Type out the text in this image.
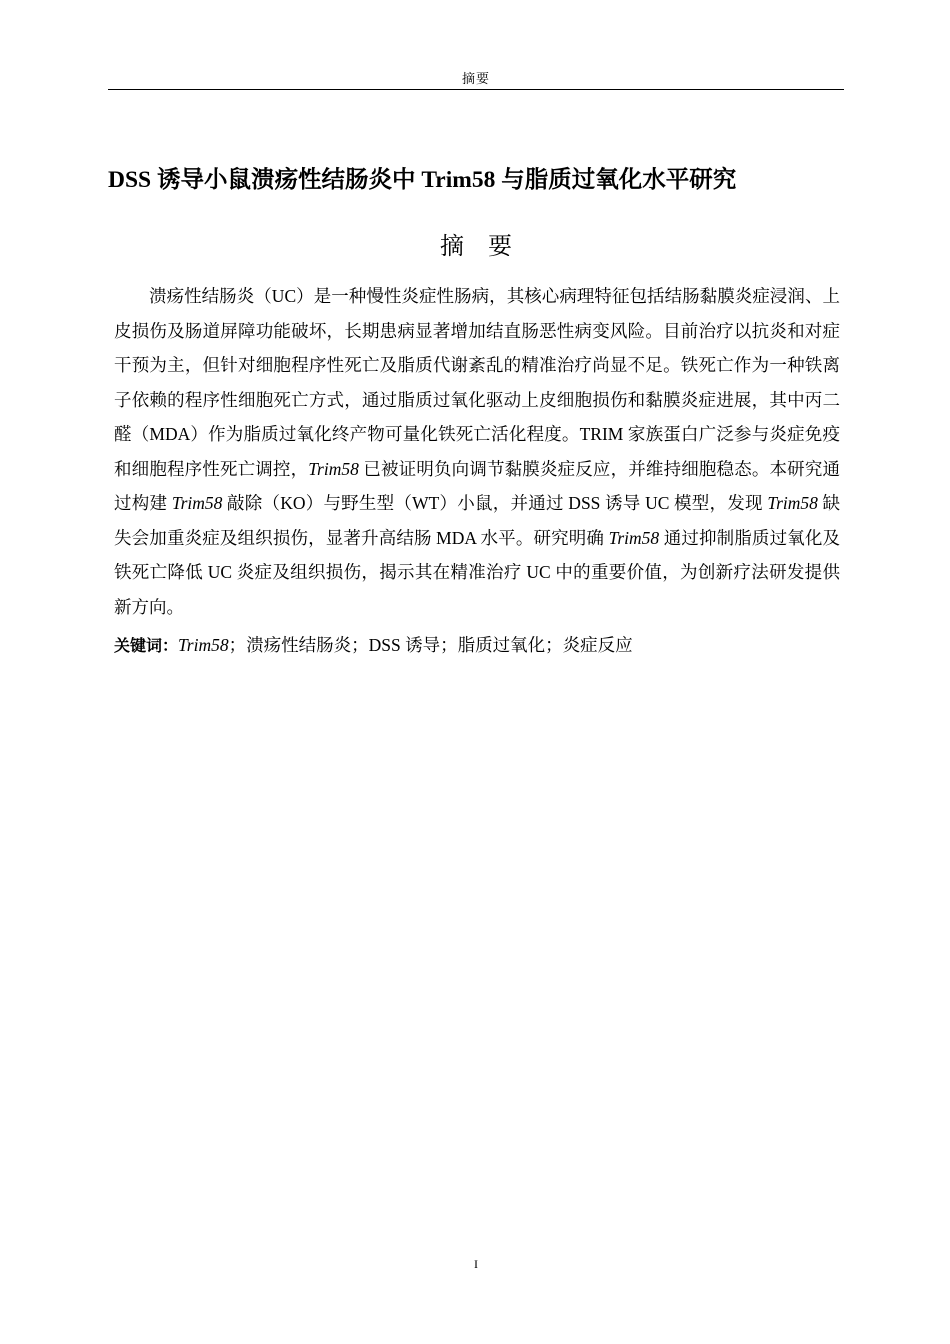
摘要
DSS 诱导小鼠溃疡性结肠炎中 Trim58 与脂质过氧化水平研究
摘　要

溃疡性结肠炎（UC）是一种慢性炎症性肠病，其核心病理特征包括结肠黏膜炎症浸润、上皮损伤及肠道屏障功能破坏，长期患病显著增加结直肠恶性病变风险。目前治疗以抗炎和对症干预为主，但针对细胞程序性死亡及脂质代谢紊乱的精准治疗尚显不足。铁死亡作为一种铁离子依赖的程序性细胞死亡方式，通过脂质过氧化驱动上皮细胞损伤和黏膜炎症进展，其中丙二醛（MDA）作为脂质过氧化终产物可量化铁死亡活化程度。TRIM 家族蛋白广泛参与炎症免疫和细胞程序性死亡调控，Trim58 已被证明负向调节黏膜炎症反应，并维持细胞稳态。本研究通过构建 Trim58 敲除（KO）与野生型（WT）小鼠，并通过 DSS 诱导 UC 模型，发现 Trim58 缺失会加重炎症及组织损伤，显著升高结肠 MDA 水平。研究明确 Trim58 通过抑制脂质过氧化及铁死亡降低 UC 炎症及组织损伤，揭示其在精准治疗 UC 中的重要价值，为创新疗法研发提供新方向。

关键词：Trim58；溃疡性结肠炎；DSS 诱导；脂质过氧化；炎症反应
I
